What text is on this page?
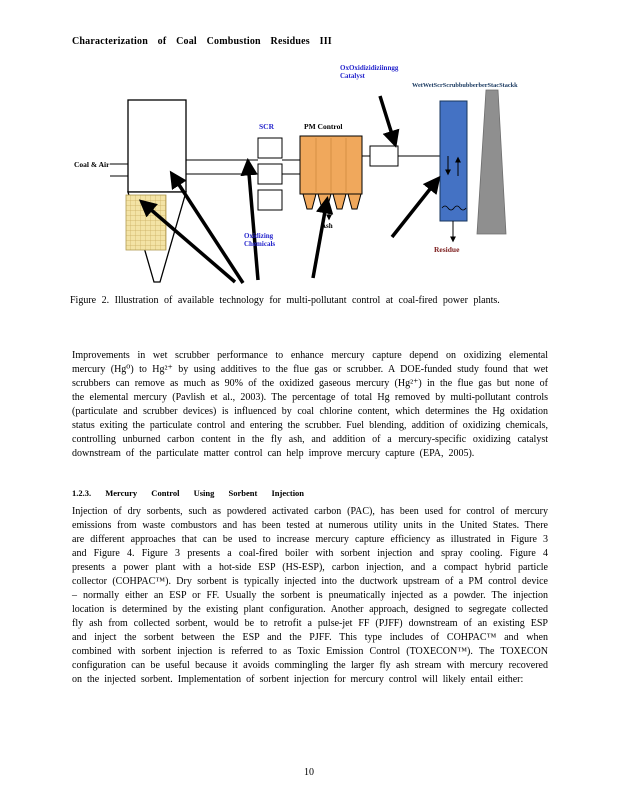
Characterization of Coal Combustion Residues III
OxOxidizidiziinngg
Catalyst
WetWetScrScrubbubberberStacStackk
SCR	PM Control
Coal & Air
Oxidizing
Chemicals
Ash
Residue
Figure 2. Illustration of available technology for multi-pollutant control at coal-fired power plants.
Improvements in wet scrubber performance to enhance mercury capture depend on oxidizing elemental mercury (Hg⁰) to Hg²⁺ by using additives to the flue gas or scrubber. A DOE-funded study found that wet scrubbers can remove as much as 90% of the oxidized gaseous mercury (Hg²⁺) in the flue gas but none of the elemental mercury (Pavlish et al., 2003). The percentage of total Hg removed by multi-pollutant controls (particulate and scrubber devices) is influenced by coal chlorine content, which determines the Hg oxidation status exiting the particulate control and entering the scrubber. Fuel blending, addition of oxidizing chemicals, controlling unburned carbon content in the fly ash, and addition of a mercury-specific oxidizing catalyst downstream of the particulate matter control can help improve mercury capture (EPA, 2005).
1.2.3. Mercury Control Using Sorbent Injection
Injection of dry sorbents, such as powdered activated carbon (PAC), has been used for control of mercury emissions from waste combustors and has been tested at numerous utility units in the United States. There are different approaches that can be used to increase mercury capture efficiency as illustrated in Figure 3 and Figure 4. Figure 3 presents a coal-fired boiler with sorbent injection and spray cooling. Figure 4 presents a power plant with a hot-side ESP (HS-ESP), carbon injection, and a compact hybrid particle collector (COHPAC™). Dry sorbent is typically injected into the ductwork upstream of a PM control device – normally either an ESP or FF. Usually the sorbent is pneumatically injected as a powder. The injection location is determined by the existing plant configuration. Another approach, designed to segregate collected fly ash from collected sorbent, would be to retrofit a pulse-jet FF (PJFF) downstream of an existing ESP and inject the sorbent between the ESP and the PJFF. This type includes of COHPAC™ and when combined with sorbent injection is referred to as Toxic Emission Control (TOXECON™). The TOXECON configuration can be useful because it avoids commingling the larger fly ash stream with mercury recovered on the injected sorbent. Implementation of sorbent injection for mercury control will likely entail either:
10
